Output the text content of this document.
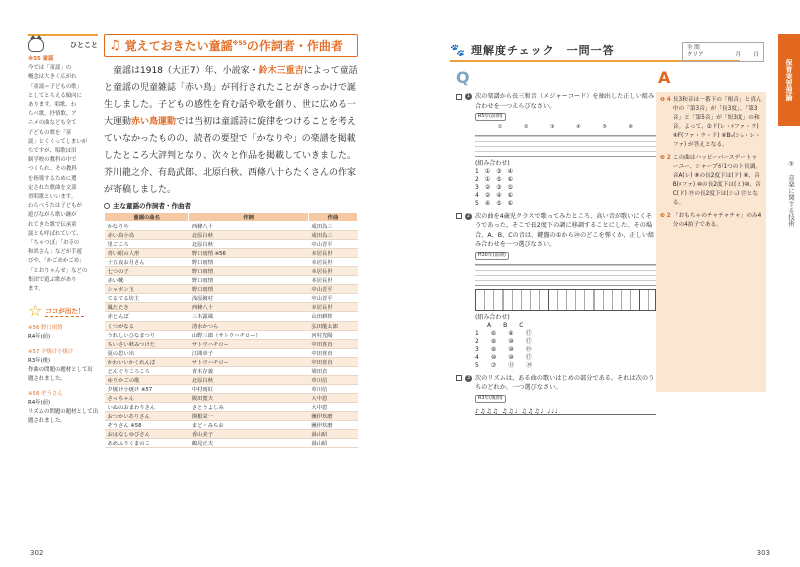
ひとこと
※55 童謡
今では「童謡」の
概念は大きく広がれ
「童謡＝子どもの歌」
としてとらえる傾向に
あります。唱歌、わ
らべ歌、抒情歌、ア
ニメの曲なども全て
子どもの歌を「童
謡」とくくってしまいが
ちですが、唱歌は旧
制学校の教科の中で
つくられ、その教科
を指導するために選
定された歌曲を文部
省唱歌といいます。
わらべうたは子どもが
遊びながら歌い継が
れてきた歌で伝承童
謡とも呼ばれていて、
「ちゃつぼ」「お寺の
和尚さん」などが手遊
びや、「かごめかごめ」
「とおりゃんせ」などの
集団で遊ぶ歌があり
ます。
☆ ココが出た！
※56 野口雨情
R4年(前)
※57 夕焼け小焼け
R3年(後)
作曲の問題の題材として出題されました。
※58 ぞうさん
R4年(前)
リズムの問題の題材として出題されました。
♫ 覚えておきたい童謡$^{※55}$の作詞者・作曲者

童謡は1918（大正7）年、小説家・鈴木三重吉によって童話と童謡の児童雑誌「赤い鳥」が刊行されたことがきっかけで誕生しました。子どもの感性を育む話や歌を創り、世に広める一大運動赤い鳥運動では当初は童謡詩に旋律をつけることを考えていなかったものの、読者の要望で「かなりや」の楽譜を掲載したところ大評判となり、次々と作品を掲載していきました。芥川龍之介、有島武郎、北原白秋、西條八十らたくさんの作家が寄稿しました。

主な童謡の作詞者・作曲者
童謡の曲名	作詞	作曲
かなりや	西條八十	成田為三
赤い鳥小鳥	北原白秋	成田為三
里ごころ	北原白秋	中山晋平
青い眼の人形	野口雨情 ※56	本居長世
十五夜お月さん	野口雨情	本居長世
七つの子	野口雨情	本居長世
赤い靴	野口雨情	本居長世
シャボン玉	野口雨情	中山晋平
てるてる坊主	浅原鏡村	中山晋平
鳳たたき	西條八十	本居長世
赤とんぼ	三木露風	山田耕筰
くつがなる	清水かつら	弘田龍太郎
うれしいひなまつり	山野三郎（サトウハチロー）	河村光陽
ちいさい秋みつけた	サトウハチロー	中田喜直
夏の思い出	江間章子	中田喜直
かわいいかくれんぼ	サトウハチロー	中田喜直
どんぐりころころ	青木存義	梁田貞
ゆりかごの歌	北原白秋	草川信
夕焼け小焼け ※57	中村雨紅	草川信
さっちゃん	阪田寛夫	大中恩
いぬのおまわりさん	さとうよしみ	大中恩
おつかいありさん	関根栄一	團伊玖磨
ぞうさん ※58	まど・みちお	團伊玖磨
おはなしゆびさん	香山美子	湯山昭
あめふりくまのこ	鶴見正夫	湯山昭
302
🐾 理解度チェック　一問一答	全 問
クリア	月 日
Q	A
1 次の楽譜から長三和音（メジャーコード）を抽出した正しい組み合わせを一つえらびなさい。
R5年(前期)
①	②	③	④	⑤	⑥
(組み合わせ)
1　①　③　④
2　①　⑤　⑥
3　②　③　⑤
4　②　④　⑥
5　④　⑤　⑥
2 次の曲を4歳児クラスで歌ってみたところ、高い音が歌いにくそうであった。そこで長2度下の調に移調することにした。その場合、A、B、Cの音は、鍵盤の①から⑳のどこを弾くか、正しい組み合わせを一つ選びなさい。
H30年(前期)
(組み合わせ)
　　A　　B　　C
1　　⑥　　⑧　　⑰
2　　⑧　　⑩　　⑰
3　　⑧　　⑩　　⑲
4　　⑩　　⑩　　⑰
5　　⑦　　⑪　　⑲
3 次のリズムは、ある曲の歌いはじめの部分である。それは次のうちのどれか、一つ選びなさい。
R3年(後期)
♪♫♫♫ ♫♫♩ ♫♫♫♩ ♩♩♩
❶ 4 長3和音は一番下の「根音」と真ん中の「第3音」が「長3度」、「第3音」と「第5音」が「短3度」の和音。よって、②ド(レ・♯ファ・ラ) ④F(ファ・ラ・ド) ⑥B♭(シ♭・レ・ファ) が答えとなる。
❷ 2 この曲はハッピーバースデートゥーユー、シャープが1つのト長調。音A(レ) ⑧の長2度下は(ド) ⑧、音B(♯ファ) ⑩の長2度下は(ミ)⑩、音C(ド) ⑲の長2度下は(シ♭) ⑰となる。
❸ 2 「おもちゃのチャチャチャ」のみ4分の4拍子である。
保育実習理論
③　音楽に関する技術
303
